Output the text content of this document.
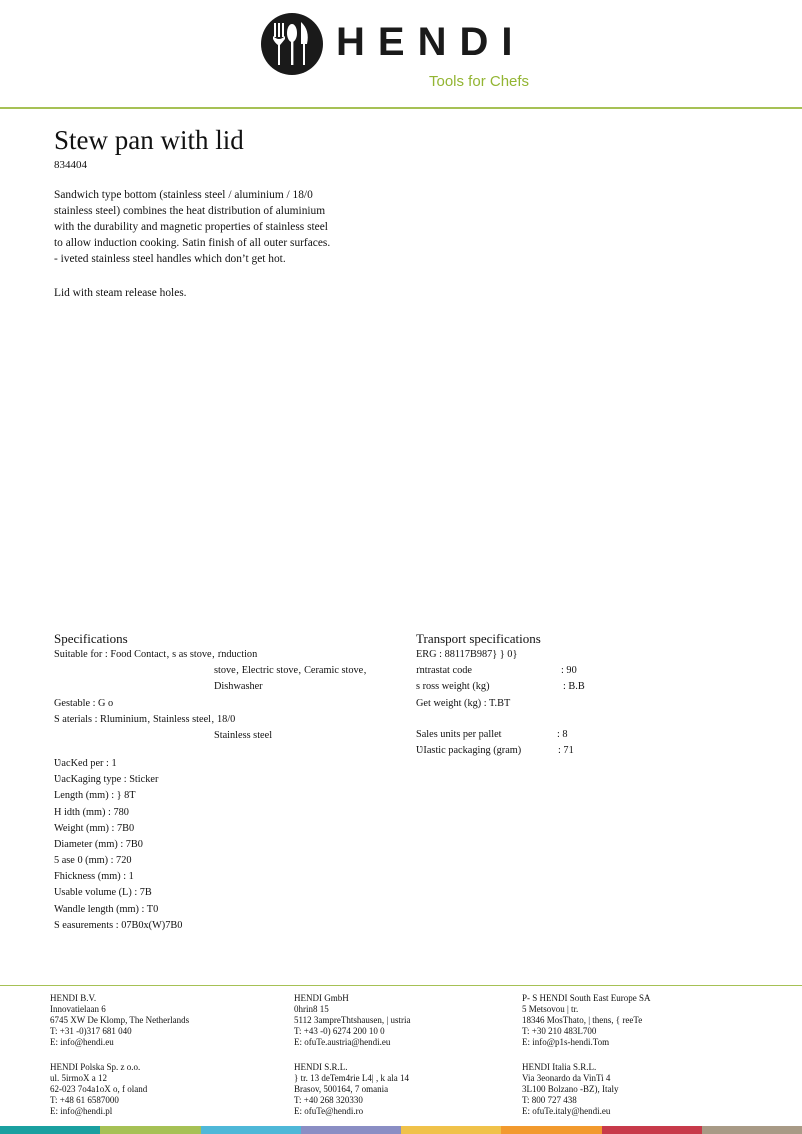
HENDI
Tools for Chefs
Stew pan with lid
834404

Sandwich type bottom (stainless steel / aluminium / 18/0
stainless steel) combines the heat distribution of aluminium
with the durability and magnetic properties of stainless steel
to allow induction cooking. Satin finish of all outer surfaces.
- iveted stainless steel handles which don’t get hot.

Lid with steam release holes.
Specifications
Suitable for : Food Contact‚ s as stove‚ ґnduction
stove‚ Electric stove‚ Ceramic stove‚
Dishwasher
Gestable : G o
S aterials : Rluminium‚ Stainless steel‚ 18/0
Stainless steel
ƲаcKed per : 1
ƲаcKaging type : Sticker
Length (mm) : } 8T
H idth (mm) : 780
Weight (mm) : 7B0
Diameter (mm) : 7B0
5 ase 0 (mm) : 720
Fhickness (mm) : 1
Usable volume (L) : 7B
Wandle length (mm) : T0
S easurements : 07B0x(W)7B0
Transport specifications
ERG : 88117B987} } 0}
ґntrastat code	: 90
s ross weight (kg)	: B.B
Get weight (kg) : T.BT
Sales units per pallet	: 8
ƲIastic packaging (gram)	: 71
HENDI B.V.
Innovatielaan 6
6745 XW De Klomp, The Netherlands
T: +31 -0)317 681 040
E: info@hendi.eu
HENDI GmbH
0hrin8 15
5112 3ampreThtshausen, | ustria
T: +43 -0) 6274 200 10 0
E: ofuTe.austria@hendi.eu
P- S HENDI South East Europe SA
5 Metsovou | tr.
18346 MosThato, | thens, { reeTe
T: +30 210 483L700
E: info@p1s-hendi.Tom
HENDI Polska Sp. z o.o.
ul. 5irmoX a 12
62-023 7o4a1oX o, f oland
T: +48 61 6587000
E: info@hendi.pl
HENDI S.R.L.
} tr. 13 deTem4rie L4| , k ala 14
Brasov, 500164, 7 omania
T: +40 268 320330
E: ofuTe@hendi.ro
HENDI Italia S.R.L.
Via 3eonardo da VinTi 4
3L100 Bolzano -BZ), Italy
T: 800 727 438
E: ofuTe.italy@hendi.eu
